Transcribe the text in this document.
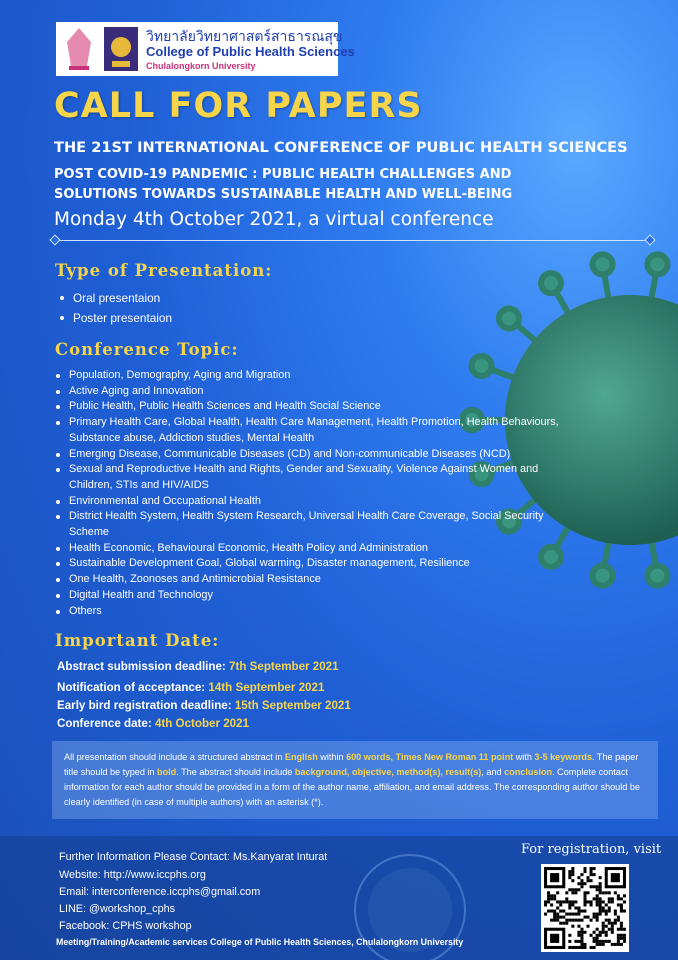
วิทยาลัยวิทยาศาสตร์สาธารณสุข
College of Public Health Sciences
Chulalongkorn University
CALL FOR PAPERS
THE 21ST INTERNATIONAL CONFERENCE OF PUBLIC HEALTH SCIENCES
POST COVID-19 PANDEMIC : PUBLIC HEALTH CHALLENGES AND
SOLUTIONS TOWARDS SUSTAINABLE HEALTH AND WELL-BEING
Monday 4th October 2021, a virtual conference
Type of Presentation:
Oral presentaion
Poster presentaion
Conference Topic:
Population, Demography, Aging and Migration
Active Aging and Innovation
Public Health, Public Health Sciences and Health Social Science
Primary Health Care, Global Health, Health Care Management, Health Promotion, Health Behaviours, Substance abuse, Addiction studies, Mental Health
Emerging Disease, Communicable Diseases (CD) and Non-communicable Diseases (NCD)
Sexual and Reproductive Health and Rights, Gender and Sexuality, Violence Against Women and Children, STIs and HIV/AIDS
Environmental and Occupational Health
District Health System, Health System Research, Universal Health Care Coverage, Social Security Scheme
Health Economic, Behavioural Economic, Health Policy and Administration
Sustainable Development Goal, Global warming, Disaster management, Resilience
One Health, Zoonoses and Antimicrobial Resistance
Digital Health and Technology
Others
Important Date:
Abstract submission deadline: 7th September 2021
Notification of acceptance: 14th September 2021
Early bird registration deadline: 15th September 2021
Conference date: 4th October 2021
All presentation should include a structured abstract in English within 600 words, Times New Roman 11 point with 3-5 keywords. The paper title should be typed in bold. The abstract should include background, objective, method(s), result(s), and conclusion. Complete contact information for each author should be provided in a form of the author name, affiliation, and email address. The corresponding author should be clearly identified (in case of multiple authors) with an asterisk (*).
Further Information Please Contact: Ms.Kanyarat Inturat
Website: http://www.iccphs.org
Email: interconference.iccphs@gmail.com
LINE: @workshop_cphs
Facebook: CPHS workshop
Meeting/Training/Academic services College of Public Health Sciences, Chulalongkorn University
For registration, visit
